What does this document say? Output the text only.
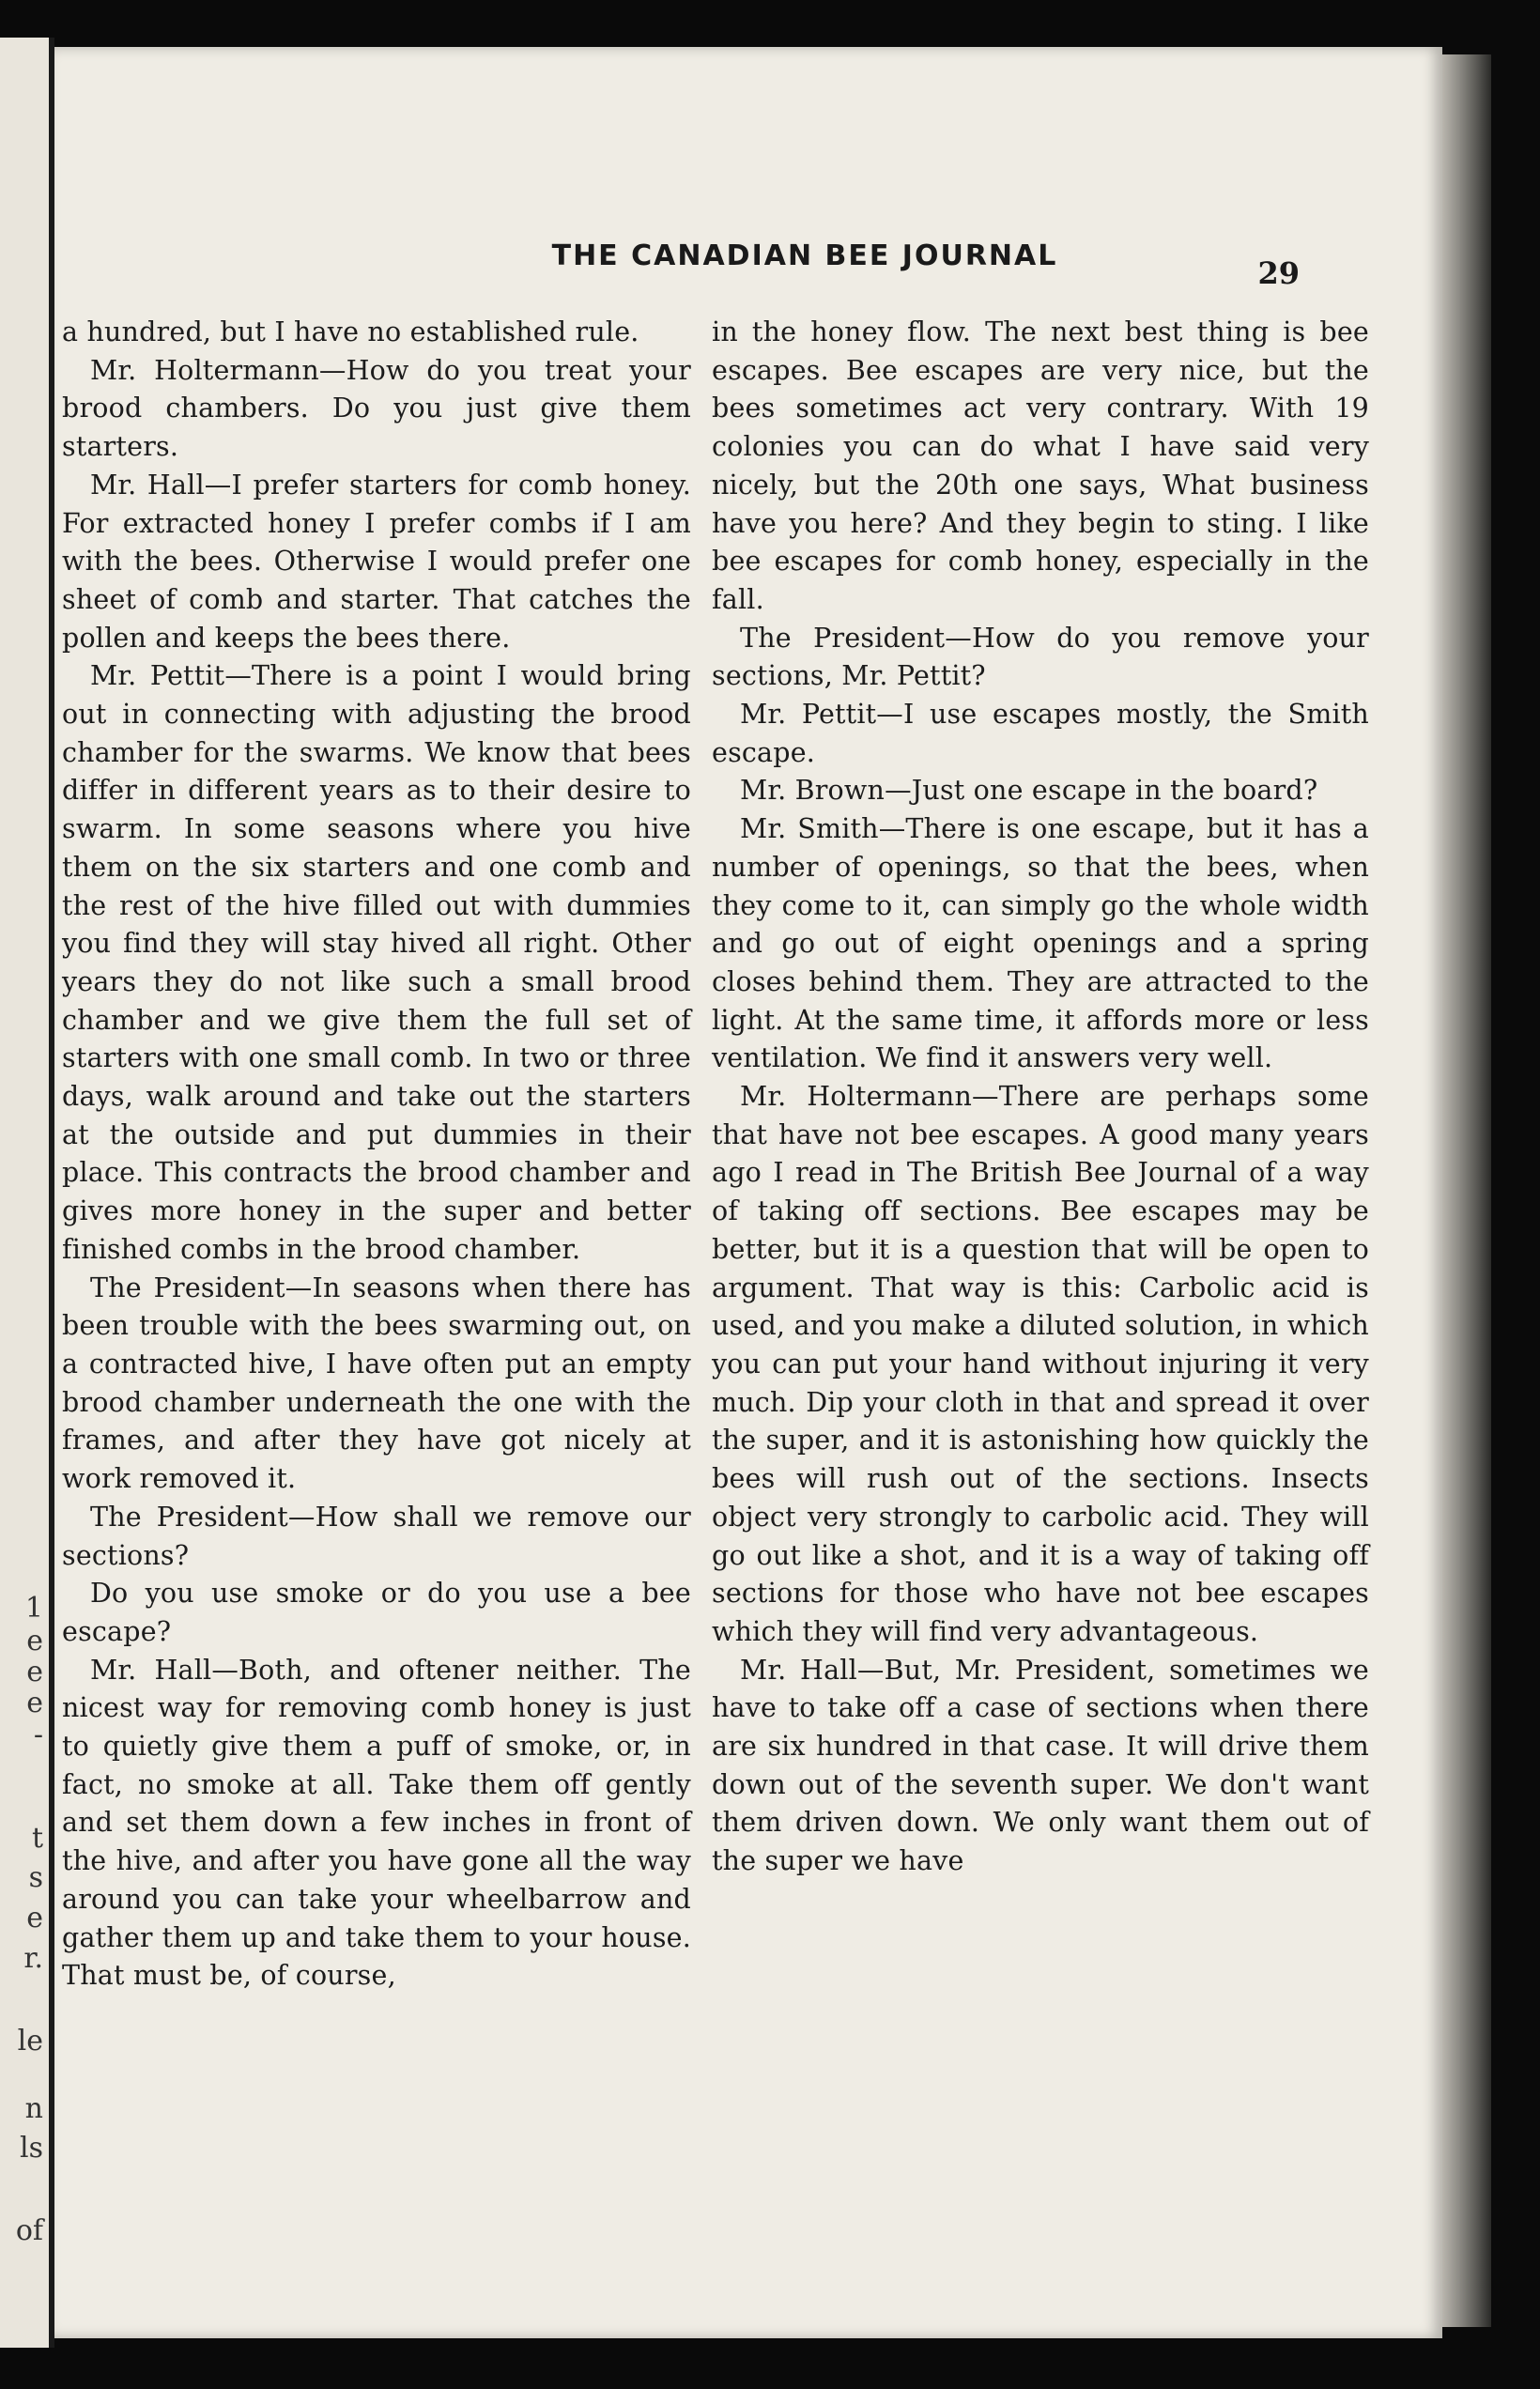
1
e
e
e
-
t
s
e
r.
le
n
ls
of
THE CANADIAN BEE JOURNAL	29

a hundred, but I have no established rule.

Mr. Holtermann—How do you treat your brood chambers. Do you just give them starters.

Mr. Hall—I prefer starters for comb honey. For extracted honey I prefer combs if I am with the bees. Otherwise I would prefer one sheet of comb and starter. That catches the pollen and keeps the bees there.

Mr. Pettit—There is a point I would bring out in connecting with adjusting the brood chamber for the swarms. We know that bees differ in different years as to their desire to swarm. In some seasons where you hive them on the six starters and one comb and the rest of the hive filled out with dummies you find they will stay hived all right. Other years they do not like such a small brood chamber and we give them the full set of starters with one small comb. In two or three days, walk around and take out the starters at the outside and put dummies in their place. This contracts the brood chamber and gives more honey in the super and better finished combs in the brood chamber.

The President—In seasons when there has been trouble with the bees swarming out, on a contracted hive, I have often put an empty brood chamber underneath the one with the frames, and after they have got nicely at work removed it.

The President—How shall we remove our sections?

Do you use smoke or do you use a bee escape?

Mr. Hall—Both, and oftener neither. The nicest way for removing comb honey is just to quietly give them a puff of smoke, or, in fact, no smoke at all. Take them off gently and set them down a few inches in front of the hive, and after you have gone all the way around you can take your wheelbarrow and gather them up and take them to your house. That must be, of course,

in the honey flow. The next best thing is bee escapes. Bee escapes are very nice, but the bees sometimes act very contrary. With 19 colonies you can do what I have said very nicely, but the 20th one says, What business have you here? And they begin to sting. I like bee escapes for comb honey, especially in the fall.

The President—How do you remove your sections, Mr. Pettit?

Mr. Pettit—I use escapes mostly, the Smith escape.

Mr. Brown—Just one escape in the board?

Mr. Smith—There is one escape, but it has a number of openings, so that the bees, when they come to it, can simply go the whole width and go out of eight openings and a spring closes behind them. They are attracted to the light. At the same time, it affords more or less ventilation. We find it answers very well.

Mr. Holtermann—There are perhaps some that have not bee escapes. A good many years ago I read in The British Bee Journal of a way of taking off sections. Bee escapes may be better, but it is a question that will be open to argument. That way is this: Carbolic acid is used, and you make a diluted solution, in which you can put your hand without injuring it very much. Dip your cloth in that and spread it over the super, and it is astonishing how quickly the bees will rush out of the sections. Insects object very strongly to carbolic acid. They will go out like a shot, and it is a way of taking off sections for those who have not bee escapes which they will find very advantageous.

Mr. Hall—But, Mr. President, sometimes we have to take off a case of sections when there are six hundred in that case. It will drive them down out of the seventh super. We don't want them driven down. We only want them out of the super we have
